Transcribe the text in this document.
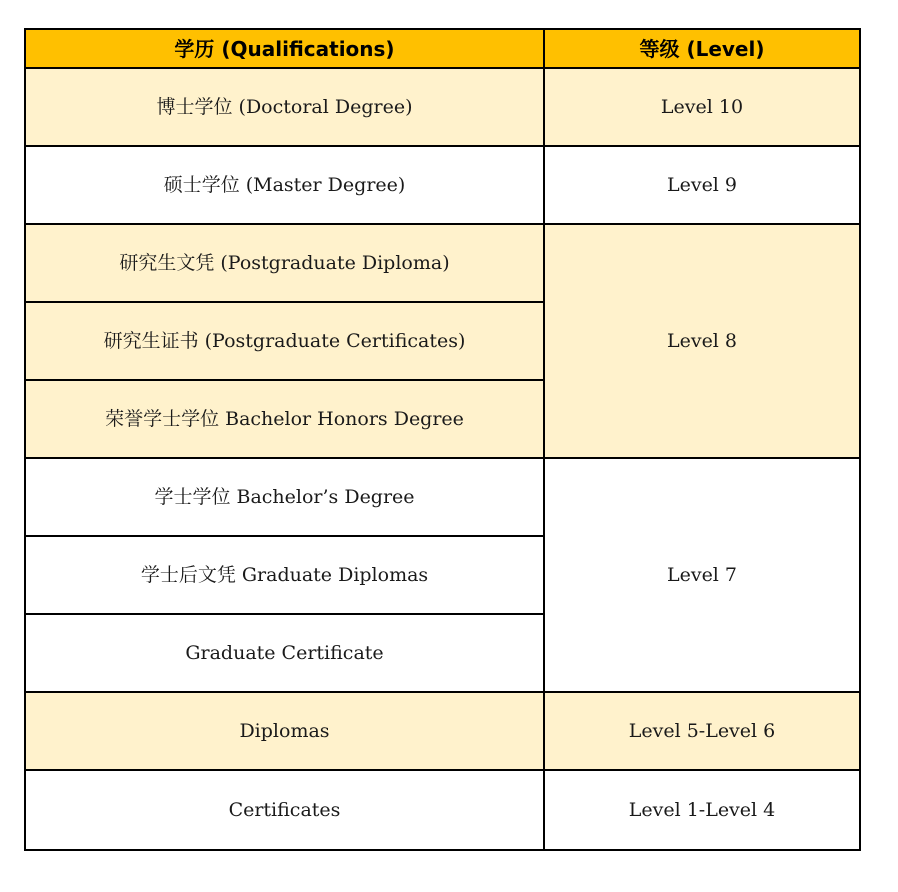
学历 (Qualifications)	等级 (Level)
博士学位 (Doctoral Degree)	Level 10
硕士学位 (Master Degree)	Level 9
研究生文凭 (Postgraduate Diploma)	Level 8
研究生证书 (Postgraduate Certificates)	
荣誉学士学位 Bachelor Honors Degree	
学士学位 Bachelor’s Degree	Level 7
学士后文凭 Graduate Diplomas	
Graduate Certificate	
Diplomas	Level 5-Level 6
Certificates	Level 1-Level 4
